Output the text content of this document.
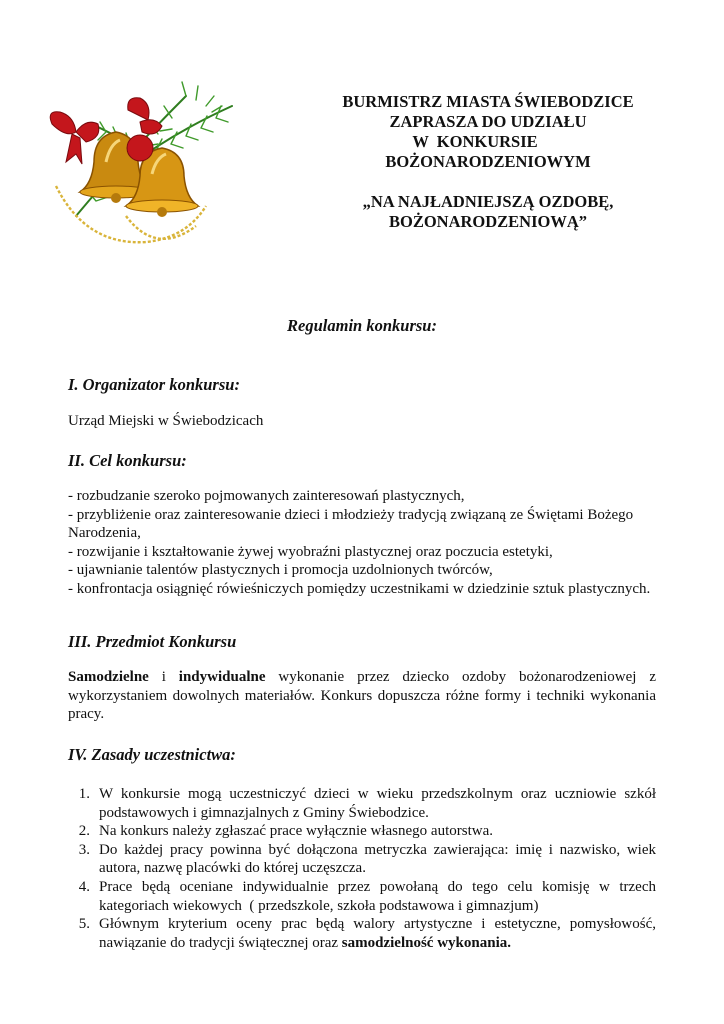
BURMISTRZ MIASTA ŚWIEBODZICE
ZAPRASZA DO UDZIAŁU
W  KONKURSIE
BOŻONARODZENIOWYM
„NA NAJŁADNIEJSZĄ OZDOBĘ,
BOŻONARODZENIOWĄ”
Regulamin konkursu:
I. Organizator konkursu:
Urząd Miejski w Świebodzicach
II. Cel konkursu:
- rozbudzanie szeroko pojmowanych zainteresowań plastycznych,
- przybliżenie oraz zainteresowanie dzieci i młodzieży tradycją związaną ze Świętami Bożego Narodzenia,
- rozwijanie i kształtowanie żywej wyobraźni plastycznej oraz poczucia estetyki,
- ujawnianie talentów plastycznych i promocja uzdolnionych twórców,
- konfrontacja osiągnięć rówieśniczych pomiędzy uczestnikami w dziedzinie sztuk plastycznych.
III. Przedmiot Konkursu
Samodzielne i indywidualne wykonanie przez dziecko ozdoby bożonarodzeniowej z wykorzystaniem dowolnych materiałów. Konkurs dopuszcza różne formy i techniki wykonania pracy.
IV. Zasady uczestnictwa:
1. W konkursie mogą uczestniczyć dzieci w wieku przedszkolnym oraz uczniowie szkół podstawowych i gimnazjalnych z Gminy Świebodzice.
2. Na konkurs należy zgłaszać prace wyłącznie własnego autorstwa.
3. Do każdej pracy powinna być dołączona metryczka zawierająca: imię i nazwisko, wiek autora, nazwę placówki do której uczęszcza.
4. Prace będą oceniane indywidualnie przez powołaną do tego celu komisję w trzech kategoriach wiekowych  ( przedszkole, szkoła podstawowa i gimnazjum)
5. Głównym kryterium oceny prac będą walory artystyczne i estetyczne, pomysłowość, nawiązanie do tradycji świątecznej oraz samodzielność wykonania.
